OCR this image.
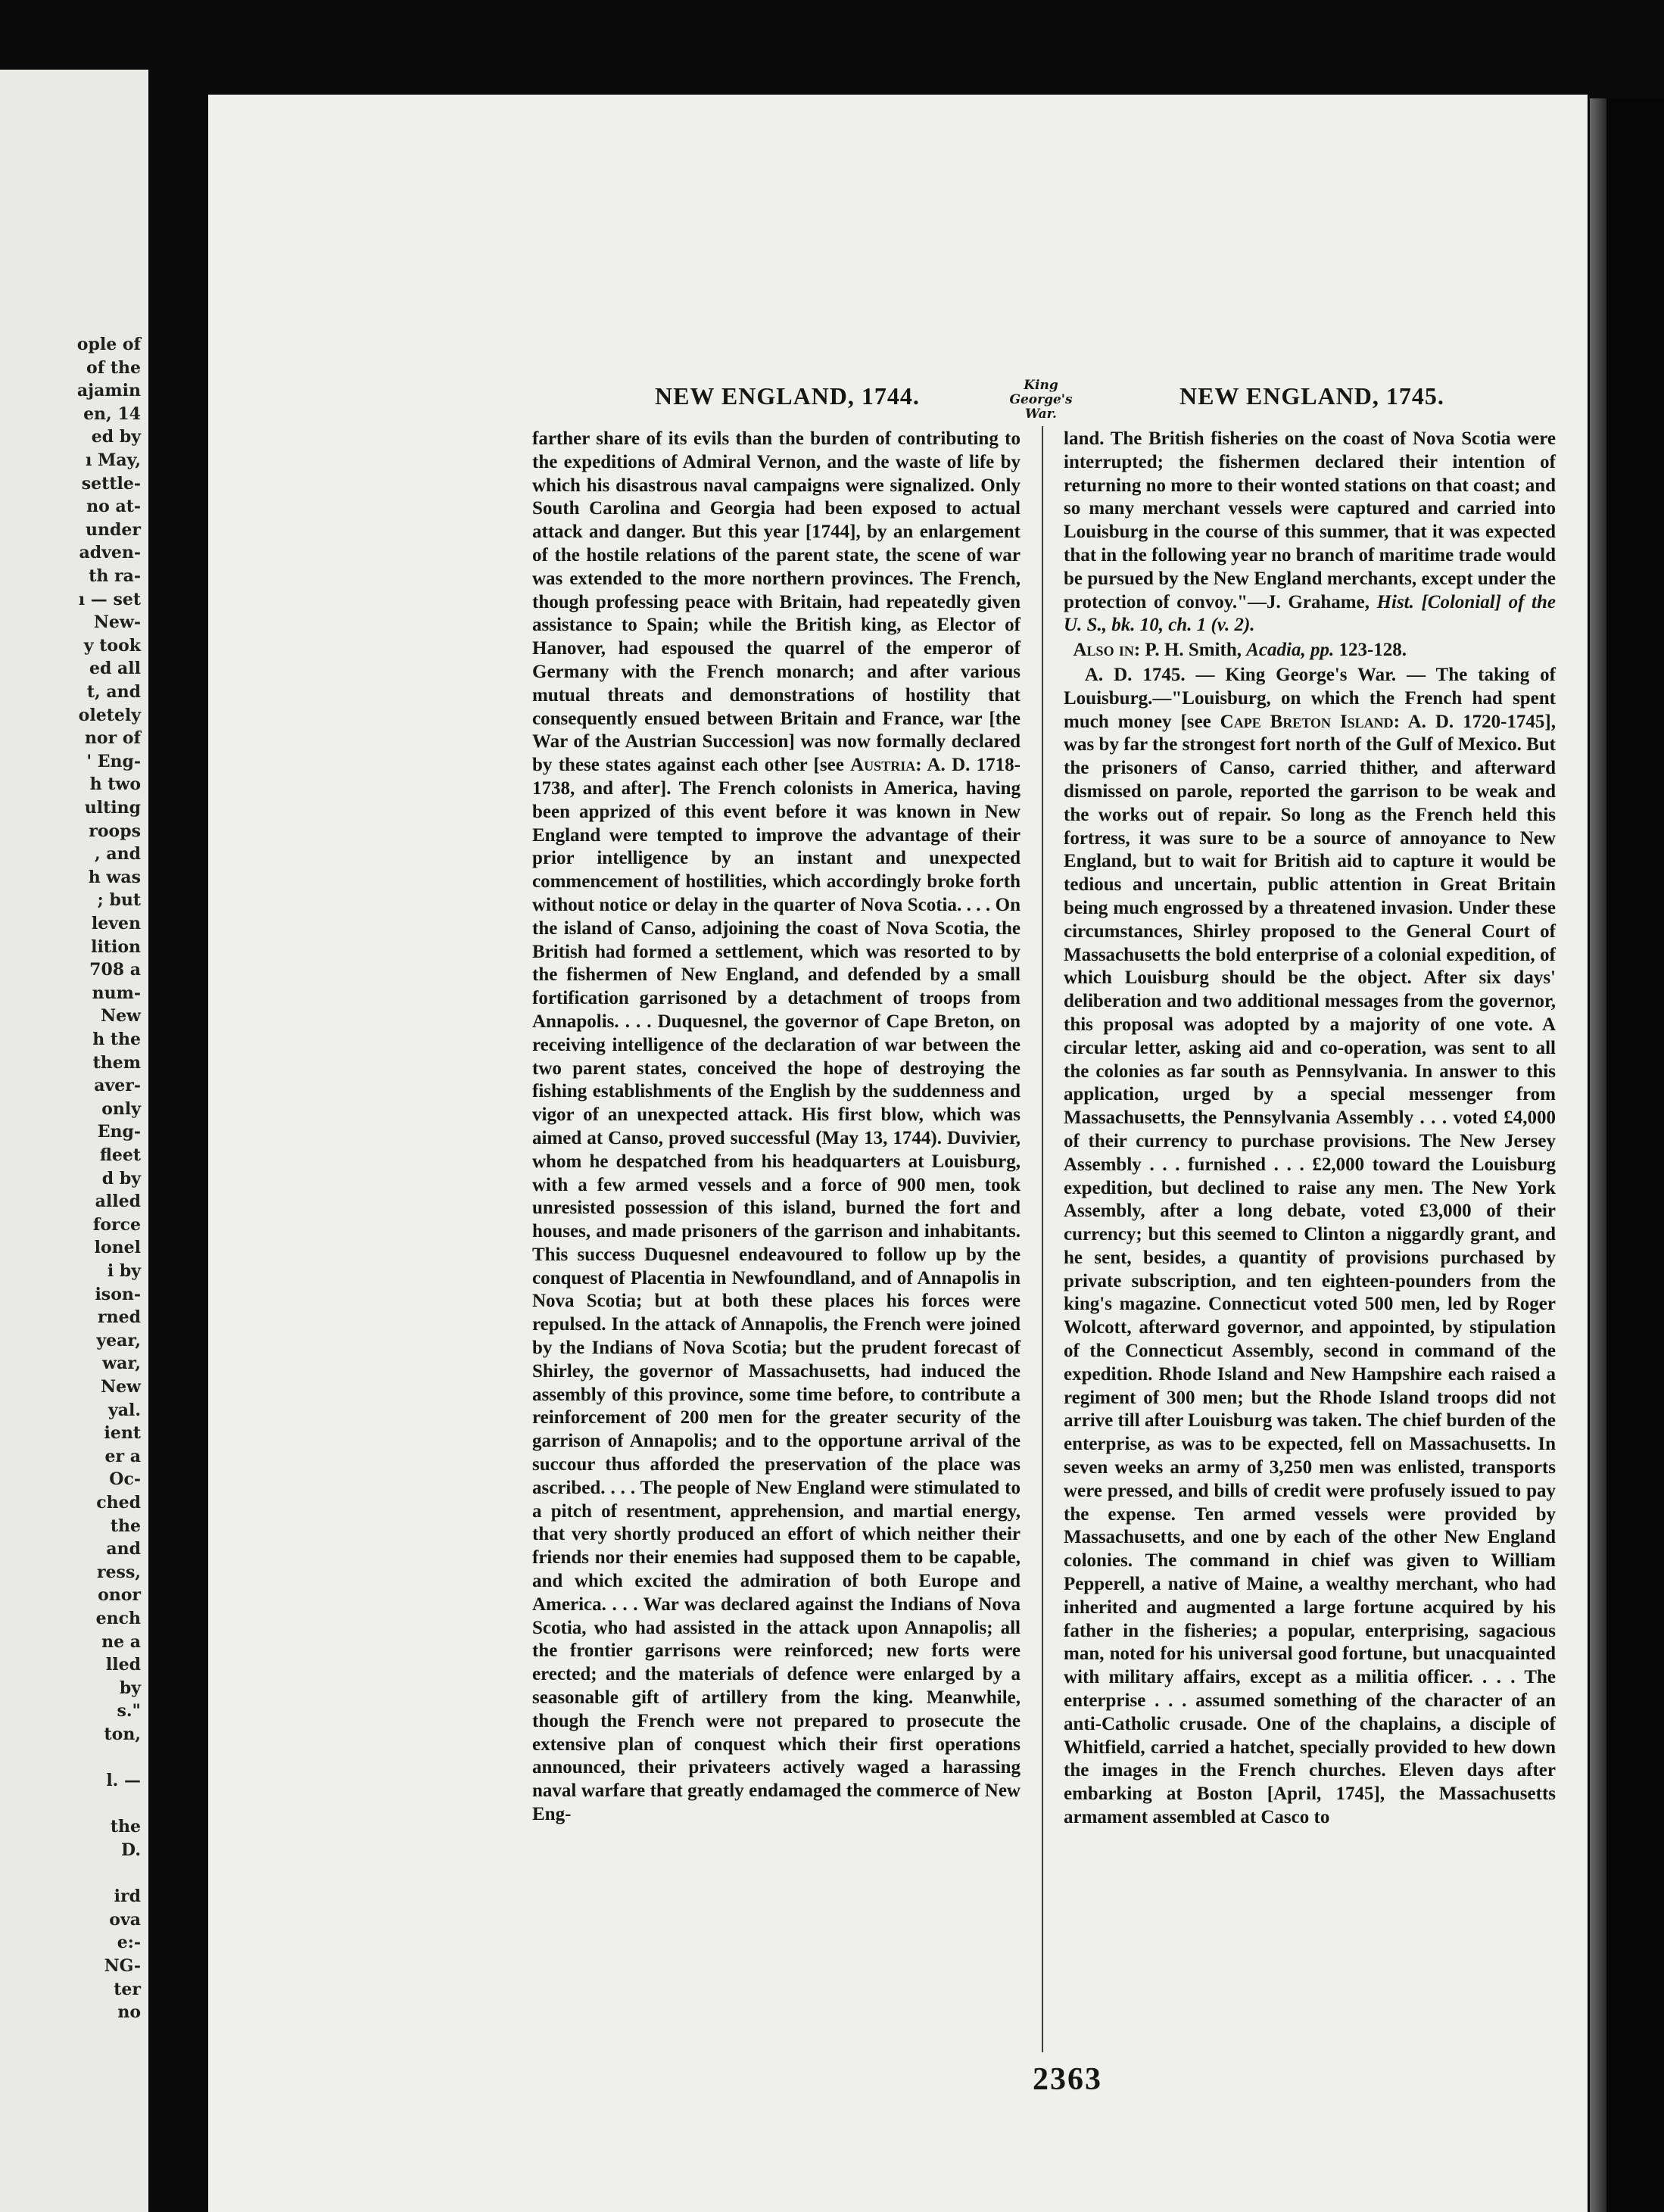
ople of
of the
ajamin
en, 14
ed by
ı May,
settle-
no at-
under
adven-
th ra-
ı — set
New-
y took
ed all
t, and
oletely
nor of
' Eng-
h two
ulting
roops
, and
h was
; but
leven
lition
708 a
num-
New
h the
them
aver-
only
Eng-
fleet
d by
alled
force
lonel
i by
ison-
rned
year,
war,
New
yal.
ient
er a
Oc-
ched
the
and
ress,
onor
ench
ne a
lled
by
s."
ton,
l. —
the
D.
ird
ova
e:-
NG-
ter
no
NEW ENGLAND, 1744.	King George's
War.
NEW ENGLAND, 1745.

farther share of its evils than the burden of contributing to the expeditions of Admiral Vernon, and the waste of life by which his disastrous naval campaigns were signalized. Only South Carolina and Georgia had been exposed to actual attack and danger. But this year [1744], by an enlargement of the hostile relations of the parent state, the scene of war was extended to the more northern provinces. The French, though professing peace with Britain, had repeatedly given assistance to Spain; while the British king, as Elector of Hanover, had espoused the quarrel of the emperor of Germany with the French monarch; and after various mutual threats and demonstrations of hostility that consequently ensued between Britain and France, war [the War of the Austrian Succession] was now formally declared by these states against each other [see Austria: A. D. 1718-1738, and after]. The French colonists in America, having been apprized of this event before it was known in New England were tempted to improve the advantage of their prior intelligence by an instant and unexpected commencement of hostilities, which accordingly broke forth without notice or delay in the quarter of Nova Scotia. . . . On the island of Canso, adjoining the coast of Nova Scotia, the British had formed a settlement, which was resorted to by the fishermen of New England, and defended by a small fortification garrisoned by a detachment of troops from Annapolis. . . . Duquesnel, the governor of Cape Breton, on receiving intelligence of the declaration of war between the two parent states, conceived the hope of destroying the fishing establishments of the English by the suddenness and vigor of an unexpected attack. His first blow, which was aimed at Canso, proved successful (May 13, 1744). Duvivier, whom he despatched from his headquarters at Louisburg, with a few armed vessels and a force of 900 men, took unresisted possession of this island, burned the fort and houses, and made prisoners of the garrison and inhabitants. This success Duquesnel endeavoured to follow up by the conquest of Placentia in Newfoundland, and of Annapolis in Nova Scotia; but at both these places his forces were repulsed. In the attack of Annapolis, the French were joined by the Indians of Nova Scotia; but the prudent forecast of Shirley, the governor of Massachusetts, had induced the assembly of this province, some time before, to contribute a reinforcement of 200 men for the greater security of the garrison of Annapolis; and to the opportune arrival of the succour thus afforded the preservation of the place was ascribed. . . . The people of New England were stimulated to a pitch of resentment, apprehension, and martial energy, that very shortly produced an effort of which neither their friends nor their enemies had supposed them to be capable, and which excited the admiration of both Europe and America. . . . War was declared against the Indians of Nova Scotia, who had assisted in the attack upon Annapolis; all the frontier garrisons were reinforced; new forts were erected; and the materials of defence were enlarged by a seasonable gift of artillery from the king. Meanwhile, though the French were not prepared to prosecute the extensive plan of conquest which their first operations announced, their privateers actively waged a harassing naval warfare that greatly endamaged the commerce of New Eng-

land. The British fisheries on the coast of Nova Scotia were interrupted; the fishermen declared their intention of returning no more to their wonted stations on that coast; and so many merchant vessels were captured and carried into Louisburg in the course of this summer, that it was expected that in the following year no branch of maritime trade would be pursued by the New England merchants, except under the protection of convoy."—J. Grahame, Hist. [Colonial] of the U. S., bk. 10, ch. 1 (v. 2).

Also in: P. H. Smith, Acadia, pp. 123-128.

A. D. 1745. — King George's War. — The taking of Louisburg.—"Louisburg, on which the French had spent much money [see Cape Breton Island: A. D. 1720-1745], was by far the strongest fort north of the Gulf of Mexico. But the prisoners of Canso, carried thither, and afterward dismissed on parole, reported the garrison to be weak and the works out of repair. So long as the French held this fortress, it was sure to be a source of annoyance to New England, but to wait for British aid to capture it would be tedious and uncertain, public attention in Great Britain being much engrossed by a threatened invasion. Under these circumstances, Shirley proposed to the General Court of Massachusetts the bold enterprise of a colonial expedition, of which Louisburg should be the object. After six days' deliberation and two additional messages from the governor, this proposal was adopted by a majority of one vote. A circular letter, asking aid and co-operation, was sent to all the colonies as far south as Pennsylvania. In answer to this application, urged by a special messenger from Massachusetts, the Pennsylvania Assembly . . . voted £4,000 of their currency to purchase provisions. The New Jersey Assembly . . . furnished . . . £2,000 toward the Louisburg expedition, but declined to raise any men. The New York Assembly, after a long debate, voted £3,000 of their currency; but this seemed to Clinton a niggardly grant, and he sent, besides, a quantity of provisions purchased by private subscription, and ten eighteen-pounders from the king's magazine. Connecticut voted 500 men, led by Roger Wolcott, afterward governor, and appointed, by stipulation of the Connecticut Assembly, second in command of the expedition. Rhode Island and New Hampshire each raised a regiment of 300 men; but the Rhode Island troops did not arrive till after Louisburg was taken. The chief burden of the enterprise, as was to be expected, fell on Massachusetts. In seven weeks an army of 3,250 men was enlisted, transports were pressed, and bills of credit were profusely issued to pay the expense. Ten armed vessels were provided by Massachusetts, and one by each of the other New England colonies. The command in chief was given to William Pepperell, a native of Maine, a wealthy merchant, who had inherited and augmented a large fortune acquired by his father in the fisheries; a popular, enterprising, sagacious man, noted for his universal good fortune, but unacquainted with military affairs, except as a militia officer. . . . The enterprise . . . assumed something of the character of an anti-Catholic crusade. One of the chaplains, a disciple of Whitfield, carried a hatchet, specially provided to hew down the images in the French churches. Eleven days after embarking at Boston [April, 1745], the Massachusetts armament assembled at Casco to

2363
